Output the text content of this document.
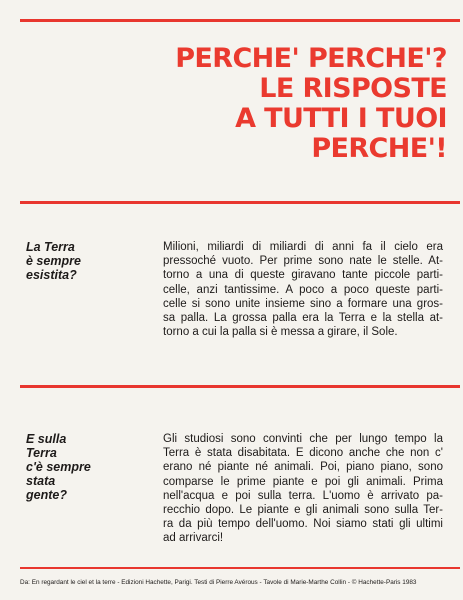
PERCHE' PERCHE'?
LE RISPOSTE
A TUTTI I TUOI
PERCHE'!
La Terra
è sempre
esistita?

Milioni, miliardi di miliardi di anni fa il cielo era
pressoché vuoto. Per prime sono nate le stelle. At-
torno a una di queste giravano tante piccole parti-
celle, anzi tantissime. A poco a poco queste parti-
celle si sono unite insieme sino a formare una gros-
sa palla. La grossa palla era la Terra e la stella at-
torno a cui la palla si è messa a girare, il Sole.

E sulla
Terra
c'è sempre
stata
gente?

Gli studiosi sono convinti che per lungo tempo la
Terra è stata disabitata. E dicono anche che non c'
erano né piante né animali. Poi, piano piano, sono
comparse le prime piante e poi gli animali. Prima
nell'acqua e poi sulla terra. L'uomo è arrivato pa-
recchio dopo. Le piante e gli animali sono sulla Ter-
ra da più tempo dell'uomo. Noi siamo stati gli ultimi
ad arrivarci!

Da: En regardant le ciel et la terre - Edizioni Hachette, Parigi. Testi di Pierre Avérous - Tavole di Marie-Marthe Collin - © Hachette-Paris 1983
